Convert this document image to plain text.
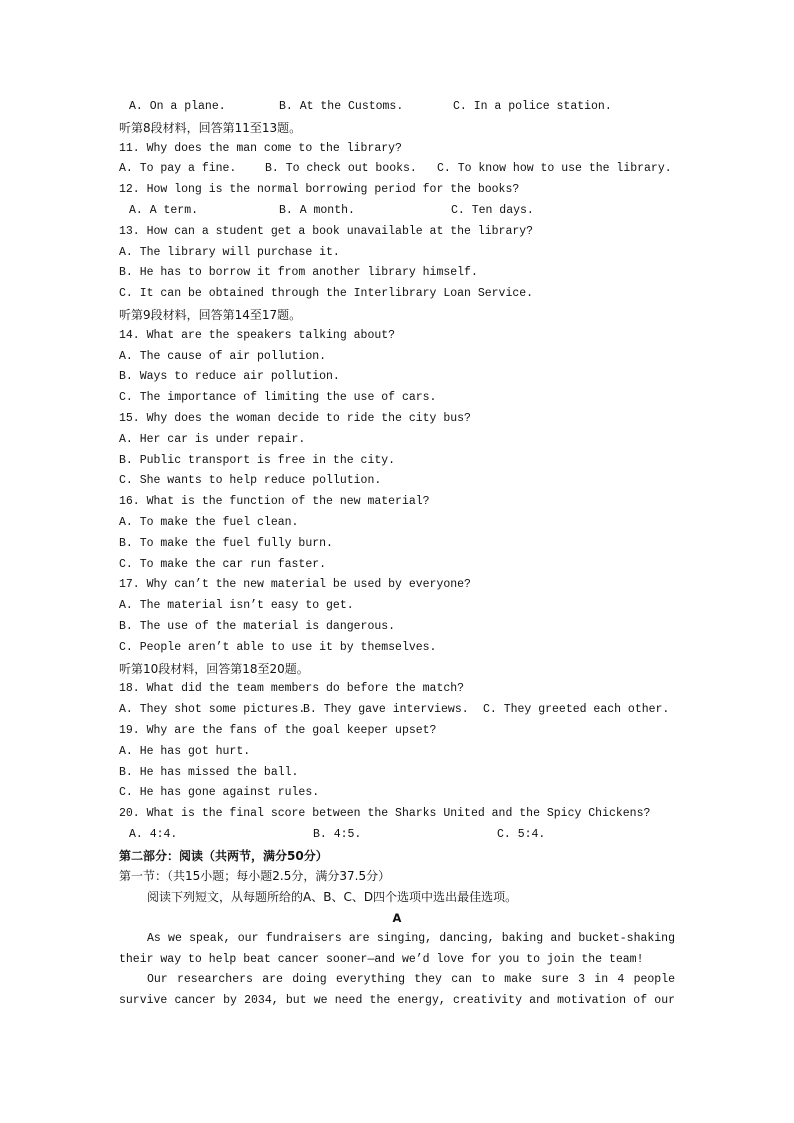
A. On a plane.	B. At the Customs.	C. In a police station.
听第8段材料，回答第11至13题。
11. Why does the man come to the library?
A. To pay a fine.	B. To check out books.	C. To know how to use the library.
12. How long is the normal borrowing period for the books?
A. A term.	B. A month.	C. Ten days.
13. How can a student get a book unavailable at the library?
A. The library will purchase it.
B. He has to borrow it from another library himself.
C. It can be obtained through the Interlibrary Loan Service.
听第9段材料，回答第14至17题。
14. What are the speakers talking about?
A. The cause of air pollution.
B. Ways to reduce air pollution.
C. The importance of limiting the use of cars.
15. Why does the woman decide to ride the city bus?
A. Her car is under repair.
B. Public transport is free in the city.
C. She wants to help reduce pollution.
16. What is the function of the new material?
A. To make the fuel clean.
B. To make the fuel fully burn.
C. To make the car run faster.
17. Why can’t the new material be used by everyone?
A. The material isn’t easy to get.
B. The use of the material is dangerous.
C. People aren’t able to use it by themselves.
听第10段材料，回答第18至20题。
18. What did the team members do before the match?
A. They shot some pictures.
B. They gave interviews.	C. They greeted each other.
19. Why are the fans of the goal keeper upset?
A. He has got hurt.
B. He has missed the ball.
C. He has gone against rules.
20. What is the final score between the Sharks United and the Spicy Chickens?
A. 4:4.	B. 4:5.	C. 5:4.
第二部分：阅读（共两节，满分50分）
第一节：（共15小题；每小题2.5分，满分37.5分）
阅读下列短文，从每题所给的A、B、C、D四个选项中选出最佳选项。
A
As we speak, our fundraisers are singing, dancing, baking and bucket-shaking
their way to help beat cancer sooner—and we’d love for you to join the team!
Our researchers are doing everything they can to make sure 3 in 4 people
survive cancer by 2034, but we need the energy, creativity and motivation of our
